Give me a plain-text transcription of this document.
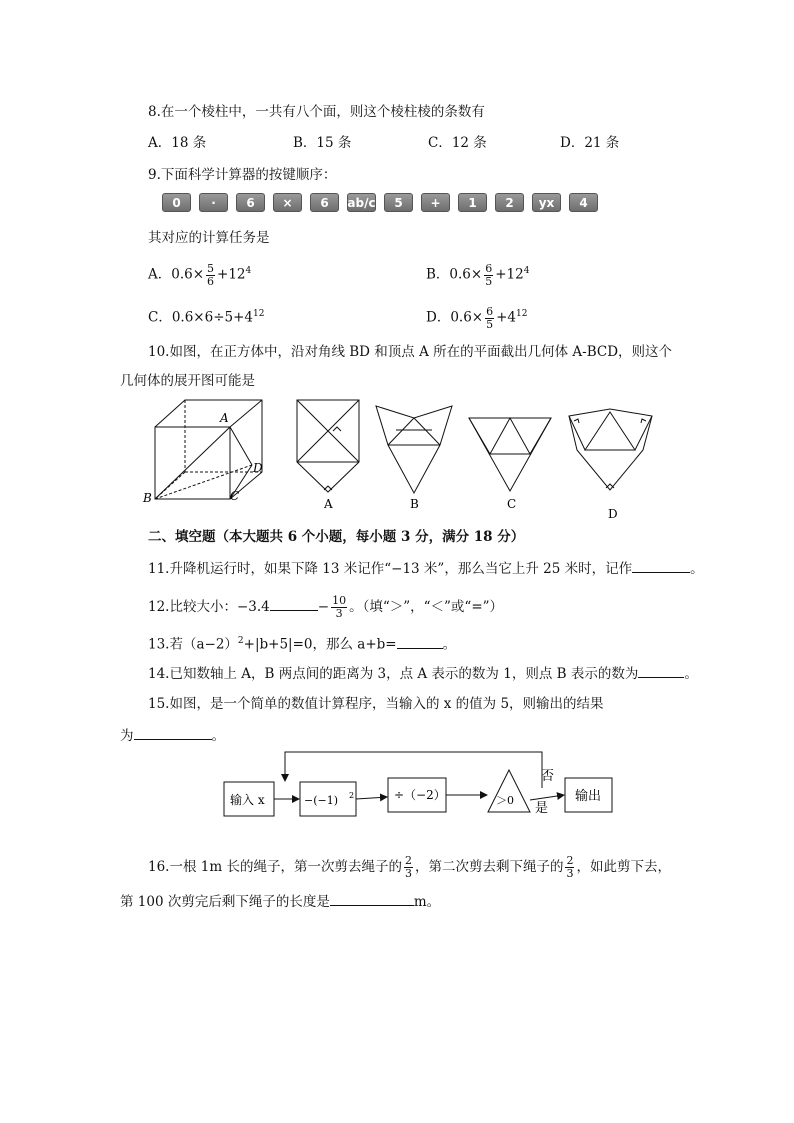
8.在一个棱柱中，一共有八个面，则这个棱柱棱的条数有
A．18 条	B．15 条	C．12 条	D．21 条
9.下面科学计算器的按键顺序：
0	·	6	×	6	ab/c	5	+	1	2	yx	4
其对应的计算任务是
A．$0.6\times \frac{5}{6} +12^4$	B．$0.6\times \frac{6}{5} +12^4$
C．$0.6\times 6\div 5+4^{12}$	D．$0.6\times \frac{6}{5} +4^{12}$
10.如图，在正方体中，沿对角线 BD 和顶点 A 所在的平面截出几何体 A-BCD，则这个
几何体的展开图可能是
A
D
B	C
A	B	C
D
二、填空题（本大题共 6 个小题，每小题 3 分，满分 18 分）
11.升降机运行时，如果下降 13 米记作“−13 米”，那么当它上升 25 米时，记作	。
12.比较大小：−3.4	− $\frac{10}{3}$ 。（填“＞”，“＜”或“=”）
13.若$(a-2)^2+|b+5|=0$，那么 a+b=	。
14.已知数轴上 A，B 两点间的距离为 3，点 A 表示的数为 1，则点 B 表示的数为	。
15.如图，是一个简单的数值计算程序，当输入的 x 的值为 5，则输出的结果
为	。
输入 x	−(−1) 2	÷（−2）	＞0
否
是
输出
16.一根 1m 长的绳子，第一次剪去绳子的 $\frac{2}{3}$ ，第二次剪去剩下绳子的 $\frac{2}{3}$ ，如此剪下去，
第 100 次剪完后剩下绳子的长度是	m。
